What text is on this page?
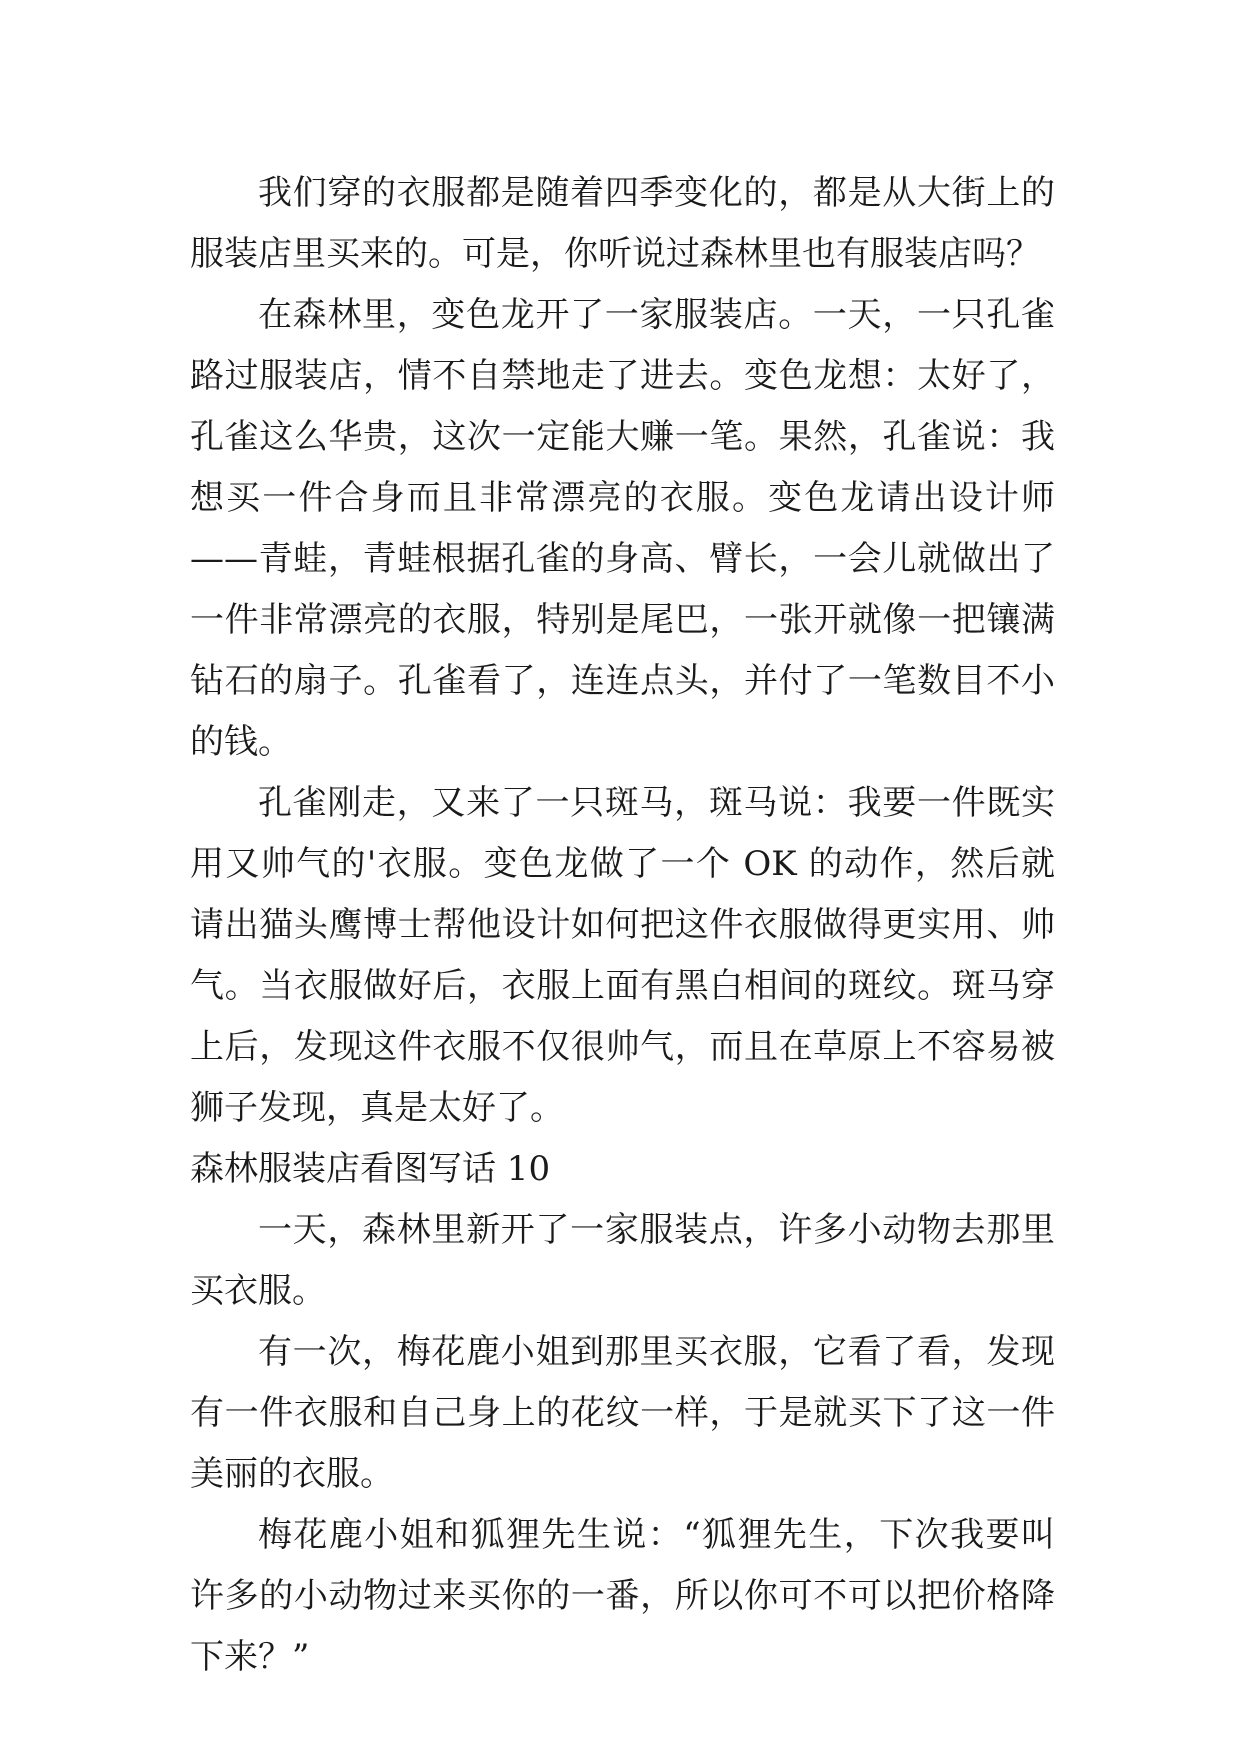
我们穿的衣服都是随着四季变化的，都是从大街上的服装店里买来的。可是，你听说过森林里也有服装店吗？

在森林里，变色龙开了一家服装店。一天，一只孔雀路过服装店，情不自禁地走了进去。变色龙想：太好了，孔雀这么华贵，这次一定能大赚一笔。果然，孔雀说：我想买一件合身而且非常漂亮的衣服。变色龙请出设计师——青蛙，青蛙根据孔雀的身高、臂长，一会儿就做出了一件非常漂亮的衣服，特别是尾巴，一张开就像一把镶满钻石的扇子。孔雀看了，连连点头，并付了一笔数目不小的钱。

孔雀刚走，又来了一只斑马，斑马说：我要一件既实用又帅气的'衣服。变色龙做了一个 OK 的动作，然后就请出猫头鹰博士帮他设计如何把这件衣服做得更实用、帅气。当衣服做好后，衣服上面有黑白相间的斑纹。斑马穿上后，发现这件衣服不仅很帅气，而且在草原上不容易被狮子发现，真是太好了。

森林服装店看图写话 10

一天，森林里新开了一家服装点，许多小动物去那里买衣服。

有一次，梅花鹿小姐到那里买衣服，它看了看，发现有一件衣服和自己身上的花纹一样，于是就买下了这一件美丽的衣服。

梅花鹿小姐和狐狸先生说：“狐狸先生，下次我要叫许多的小动物过来买你的一番，所以你可不可以把价格降下来？”
